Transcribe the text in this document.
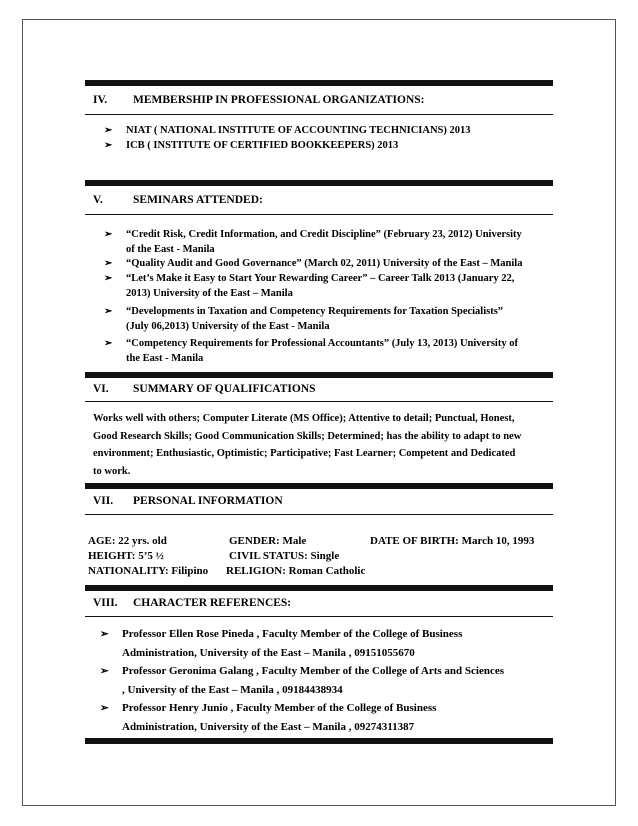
IV. MEMBERSHIP IN PROFESSIONAL ORGANIZATIONS:
➢ NIAT ( NATIONAL INSTITUTE OF ACCOUNTING TECHNICIANS) 2013
➢ ICB ( INSTITUTE OF CERTIFIED BOOKKEEPERS) 2013
V.	SEMINARS ATTENDED:
➢ “Credit Risk, Credit Information, and Credit Discipline” (February 23, 2012) University
of the East - Manila
➢ “Quality Audit and Good Governance” (March 02, 2011) University of the East – Manila
➢ “Let’s Make it Easy to Start Your Rewarding Career” – Career Talk 2013 (January 22,
2013) University of the East – Manila
➢ “Developments in Taxation and Competency Requirements for Taxation Specialists”
(July 06,2013) University of the East - Manila
➢ “Competency Requirements for Professional Accountants” (July 13, 2013) University of
the East - Manila
VI. SUMMARY OF QUALIFICATIONS
Works well with others; Computer Literate (MS Office); Attentive to detail; Punctual, Honest,
Good Research Skills; Good Communication Skills; Determined; has the ability to adapt to new
environment; Enthusiastic, Optimistic; Participative; Fast Learner; Competent and Dedicated
to work.
VII. PERSONAL INFORMATION
AGE: 22 yrs. old	GENDER: Male	DATE OF BIRTH: March 10, 1993
HEIGHT: 5’5 ½	CIVIL STATUS: Single
NATIONALITY: Filipino RELIGION: Roman Catholic
VIII. CHARACTER REFERENCES:
➢ Professor Ellen Rose Pineda , Faculty Member of the College of Business
Administration, University of the East – Manila , 09151055670
➢ Professor Geronima Galang , Faculty Member of the College of Arts and Sciences
, University of the East – Manila , 09184438934
➢ Professor Henry Junio , Faculty Member of the College of Business
Administration, University of the East – Manila , 09274311387
